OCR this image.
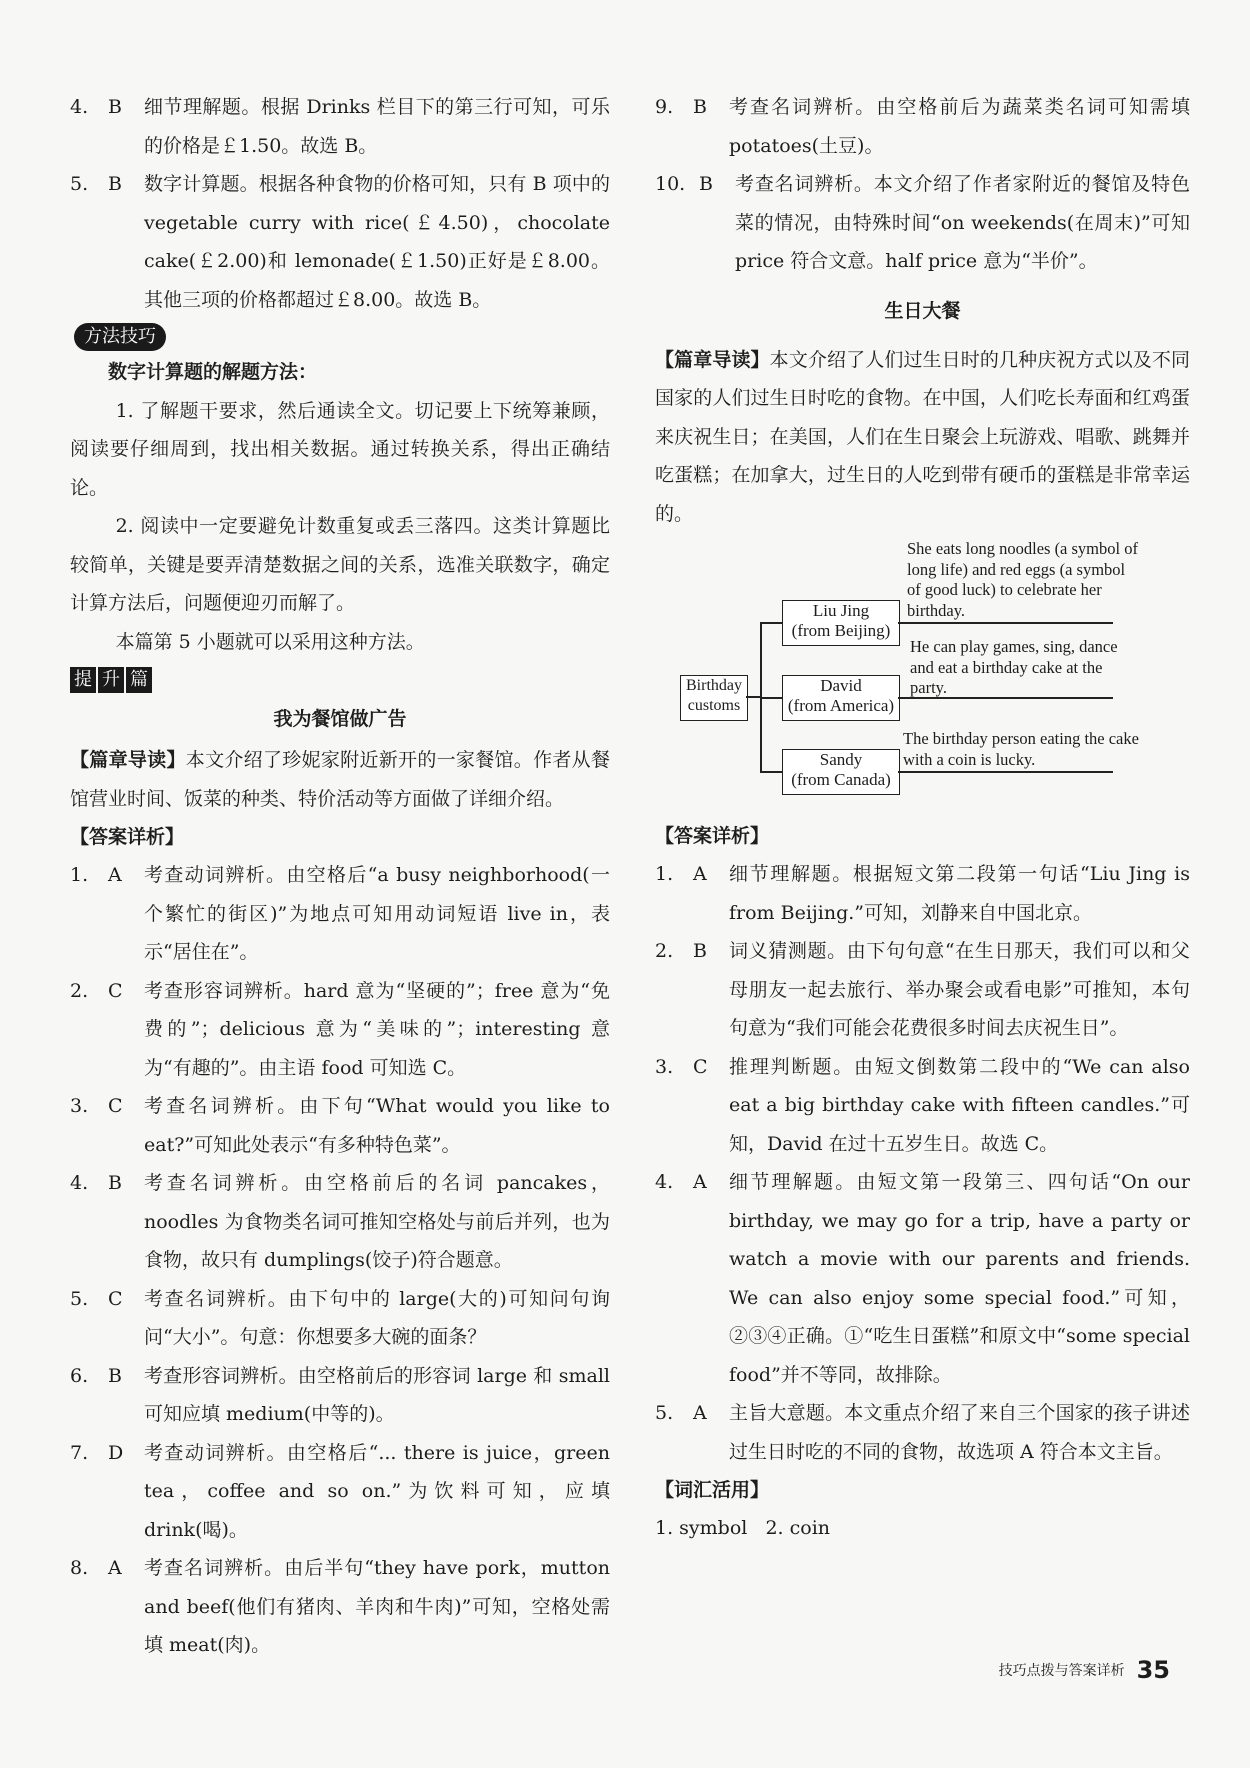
4.	B	细节理解题。根据 Drinks 栏目下的第三行可知，可乐的价格是￡1.50。故选 B。
5.	B	数字计算题。根据各种食物的价格可知，只有 B 项中的 vegetable curry with rice(￡4.50)，chocolate cake(￡2.00)和 lemonade(￡1.50)正好是￡8.00。其他三项的价格都超过￡8.00。故选 B。
方法技巧

数字计算题的解题方法：

1. 了解题干要求，然后通读全文。切记要上下统筹兼顾，阅读要仔细周到，找出相关数据。通过转换关系，得出正确结论。

2. 阅读中一定要避免计数重复或丢三落四。这类计算题比较简单，关键是要弄清楚数据之间的关系，选准关联数字，确定计算方法后，问题便迎刃而解了。

本篇第 5 小题就可以采用这种方法。

提 升 篇
我为餐馆做广告

【篇章导读】本文介绍了珍妮家附近新开的一家餐馆。作者从餐馆营业时间、饭菜的种类、特价活动等方面做了详细介绍。

【答案详析】
1.	A	考查动词辨析。由空格后“a busy neighborhood(一个繁忙的街区)”为地点可知用动词短语 live in，表示“居住在”。
2.	C	考查形容词辨析。hard 意为“坚硬的”；free 意为“免费的”；delicious 意为“美味的”；interesting 意为“有趣的”。由主语 food 可知选 C。
3.	C	考查名词辨析。由下句“What would you like to eat?”可知此处表示“有多种特色菜”。
4.	B	考查名词辨析。由空格前后的名词 pancakes，noodles 为食物类名词可推知空格处与前后并列，也为食物，故只有 dumplings(饺子)符合题意。
5.	C	考查名词辨析。由下句中的 large(大的)可知问句询问“大小”。句意：你想要多大碗的面条？
6.	B	考查形容词辨析。由空格前后的形容词 large 和 small 可知应填 medium(中等的)。
7.	D	考查动词辨析。由空格后“... there is juice，green tea，coffee and so on.”为饮料可知，应填 drink(喝)。
8.	A	考查名词辨析。由后半句“they have pork，mutton and beef(他们有猪肉、羊肉和牛肉)”可知，空格处需填 meat(肉)。
9.	B	考查名词辨析。由空格前后为蔬菜类名词可知需填 potatoes(土豆)。
10. B	考查名词辨析。本文介绍了作者家附近的餐馆及特色菜的情况，由特殊时间“on weekends(在周末)”可知 price 符合文意。half price 意为“半价”。
生日大餐

【篇章导读】本文介绍了人们过生日时的几种庆祝方式以及不同国家的人们过生日时吃的食物。在中国，人们吃长寿面和红鸡蛋来庆祝生日；在美国，人们在生日聚会上玩游戏、唱歌、跳舞并吃蛋糕；在加拿大，过生日的人吃到带有硬币的蛋糕是非常幸运的。

Birthday customs
Liu Jing
(from Beijing)
She eats long noodles (a symbol of long life) and red eggs (a symbol of good luck) to celebrate her birthday.
David
(from America)
He can play games, sing, dance and eat a birthday cake at the party.
Sandy
(from Canada)
The birthday person eating the cake with a coin is lucky.
【答案详析】
1.	A	细节理解题。根据短文第二段第一句话“Liu Jing is from Beijing.”可知，刘静来自中国北京。
2.	B	词义猜测题。由下句句意“在生日那天，我们可以和父母朋友一起去旅行、举办聚会或看电影”可推知，本句句意为“我们可能会花费很多时间去庆祝生日”。
3.	C	推理判断题。由短文倒数第二段中的“We can also eat a big birthday cake with fifteen candles.”可知，David 在过十五岁生日。故选 C。
4.	A	细节理解题。由短文第一段第三、四句话“On our birthday, we may go for a trip, have a party or watch a movie with our parents and friends. We can also enjoy some special food.”可知，②③④正确。①“吃生日蛋糕”和原文中“some special food”并不等同，故排除。
5.	A	主旨大意题。本文重点介绍了来自三个国家的孩子讲述过生日时吃的不同的食物，故选项 A 符合本文主旨。
【词汇活用】

1. symbol   2. coin

技巧点拨与答案详析 35
